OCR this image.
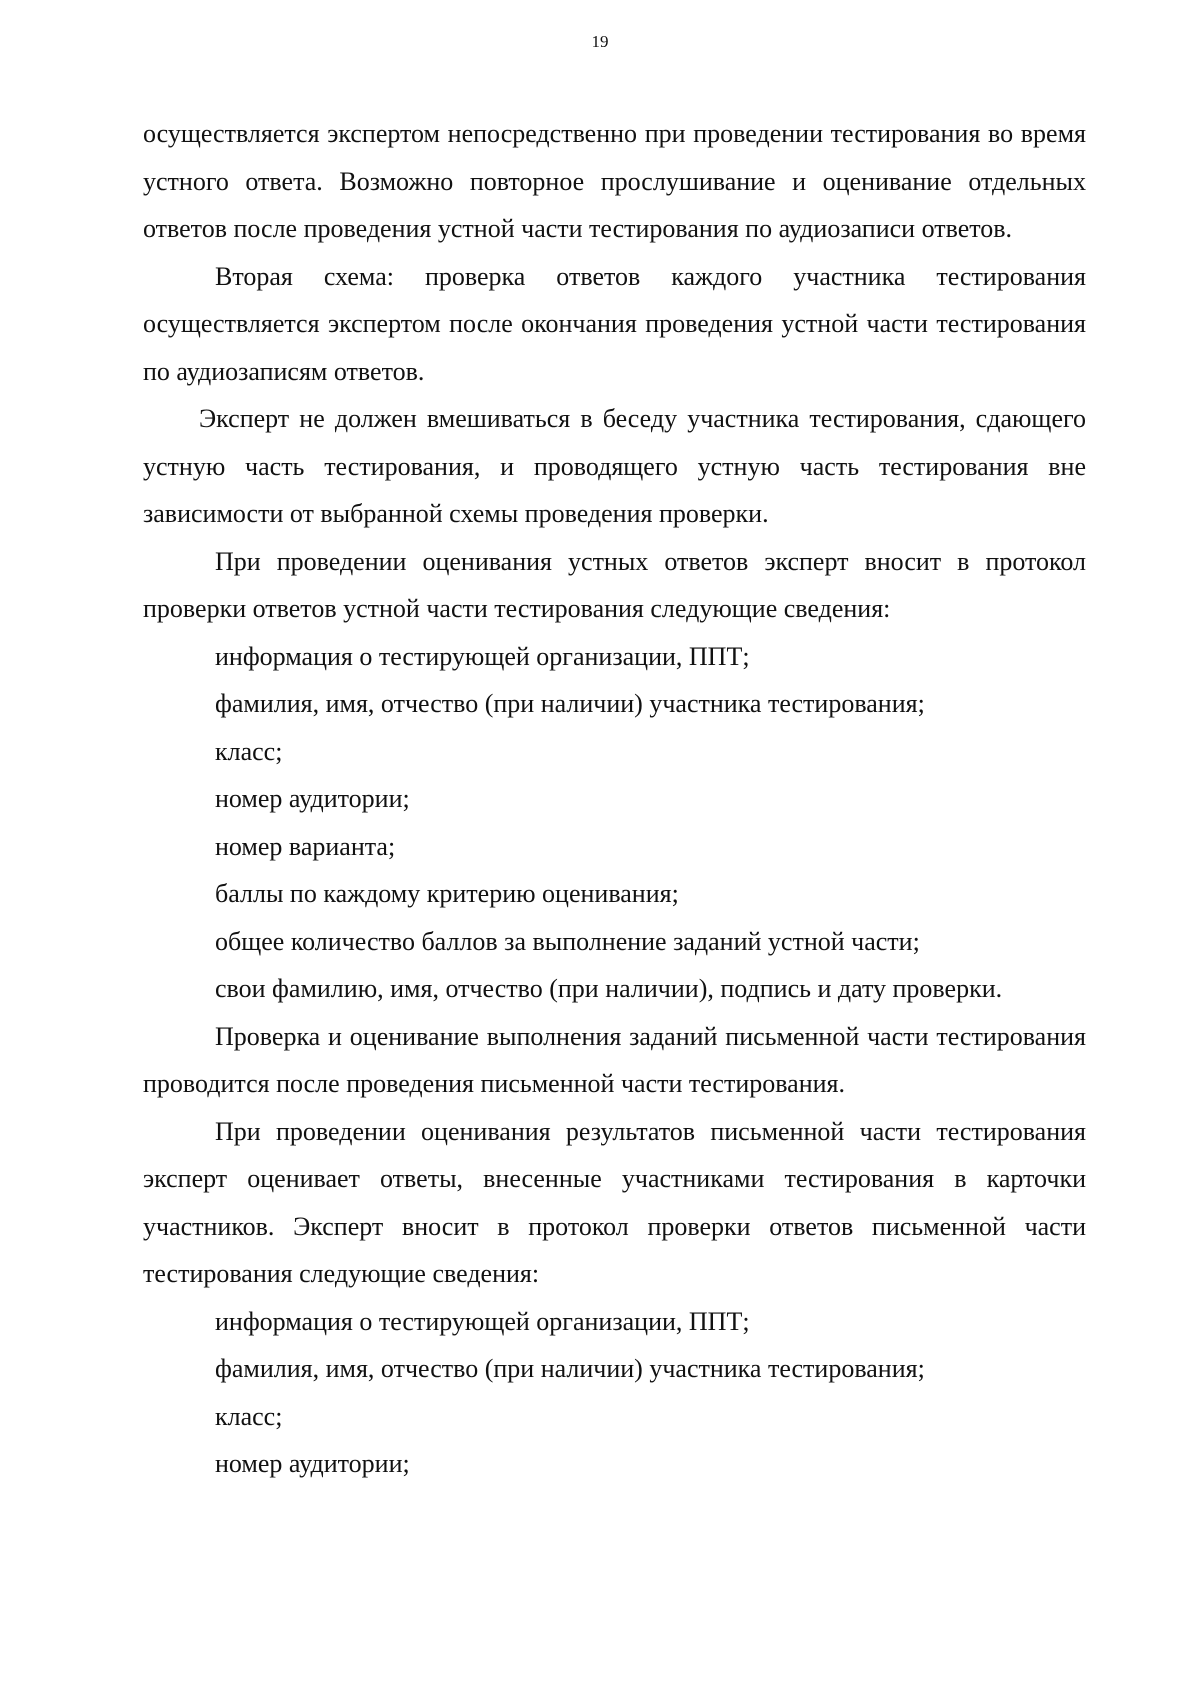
19

осуществляется экспертом непосредственно при проведении тестирования во время устного ответа. Возможно повторное прослушивание и оценивание отдельных ответов после проведения устной части тестирования по аудиозаписи ответов.

Вторая схема: проверка ответов каждого участника тестирования осуществляется экспертом после окончания проведения устной части тестирования по аудиозаписям ответов.

Эксперт не должен вмешиваться в беседу участника тестирования, сдающего устную часть тестирования, и проводящего устную часть тестирования вне зависимости от выбранной схемы проведения проверки.

При проведении оценивания устных ответов эксперт вносит в протокол проверки ответов устной части тестирования следующие сведения:

информация о тестирующей организации, ППТ;

фамилия, имя, отчество (при наличии) участника тестирования;

класс;

номер аудитории;

номер варианта;

баллы по каждому критерию оценивания;

общее количество баллов за выполнение заданий устной части;

свои фамилию, имя, отчество (при наличии), подпись и дату проверки.

Проверка и оценивание выполнения заданий письменной части тестирования проводится после проведения письменной части тестирования.

При проведении оценивания результатов письменной части тестирования эксперт оценивает ответы, внесенные участниками тестирования в карточки участников. Эксперт вносит в протокол проверки ответов письменной части тестирования следующие сведения:

информация о тестирующей организации, ППТ;

фамилия, имя, отчество (при наличии) участника тестирования;

класс;

номер аудитории;
